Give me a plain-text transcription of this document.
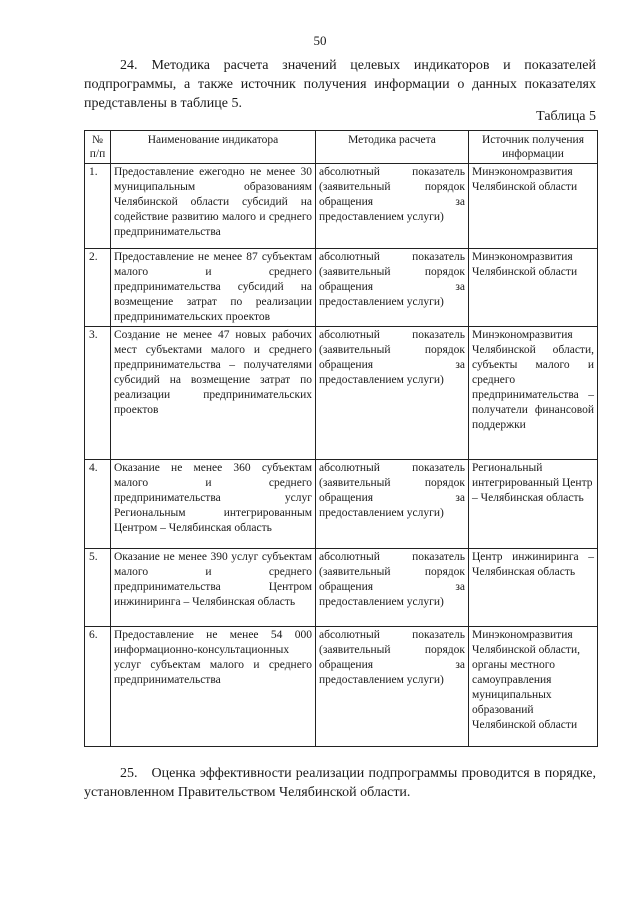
50
24. Методика расчета значений целевых индикаторов и показателей подпрограммы, а также источник получения информации о данных показателях представлены в таблице 5.
Таблица 5
№ п/п	Наименование индикатора	Методика расчета	Источник получения информации
1.	Предоставление ежегодно не менее 30 муниципальным образованиям Челябинской области субсидий на содействие развитию малого и среднего предпринимательства	абсолютный показатель (заявительный порядок обращения за предоставлением услуги)	Минэкономразвития Челябинской области
2.	Предоставление не менее 87 субъектам малого и среднего предпринимательства субсидий на возмещение затрат по реализации предпринимательских проектов	абсолютный показатель (заявительный порядок обращения за предоставлением услуги)	Минэкономразвития Челябинской области
3.	Создание не менее 47 новых рабочих мест субъектами малого и среднего предпринимательства – получателями субсидий на возмещение затрат по реализации предпринимательских проектов	абсолютный показатель (заявительный порядок обращения за предоставлением услуги)	Минэкономразвития Челябинской области, субъекты малого и среднего предпринимательства – получатели финансовой поддержки
4.	Оказание не менее 360 субъектам малого и среднего предпринимательства услуг Региональным интегрированным Центром – Челябинская область	абсолютный показатель (заявительный порядок обращения за предоставлением услуги)	Региональный интегрированный Центр – Челябинская область
5.	Оказание не менее 390 услуг субъектам малого и среднего предпринимательства Центром инжиниринга – Челябинская область	абсолютный показатель (заявительный порядок обращения за предоставлением услуги)	Центр инжиниринга – Челябинская область
6.	Предоставление не менее 54 000 информационно-консультационных услуг субъектам малого и среднего предпринимательства	абсолютный показатель (заявительный порядок обращения за предоставлением услуги)	Минэкономразвития Челябинской области, органы местного самоуправления муниципальных образований Челябинской области
25. Оценка эффективности реализации подпрограммы проводится в порядке, установленном Правительством Челябинской области.
